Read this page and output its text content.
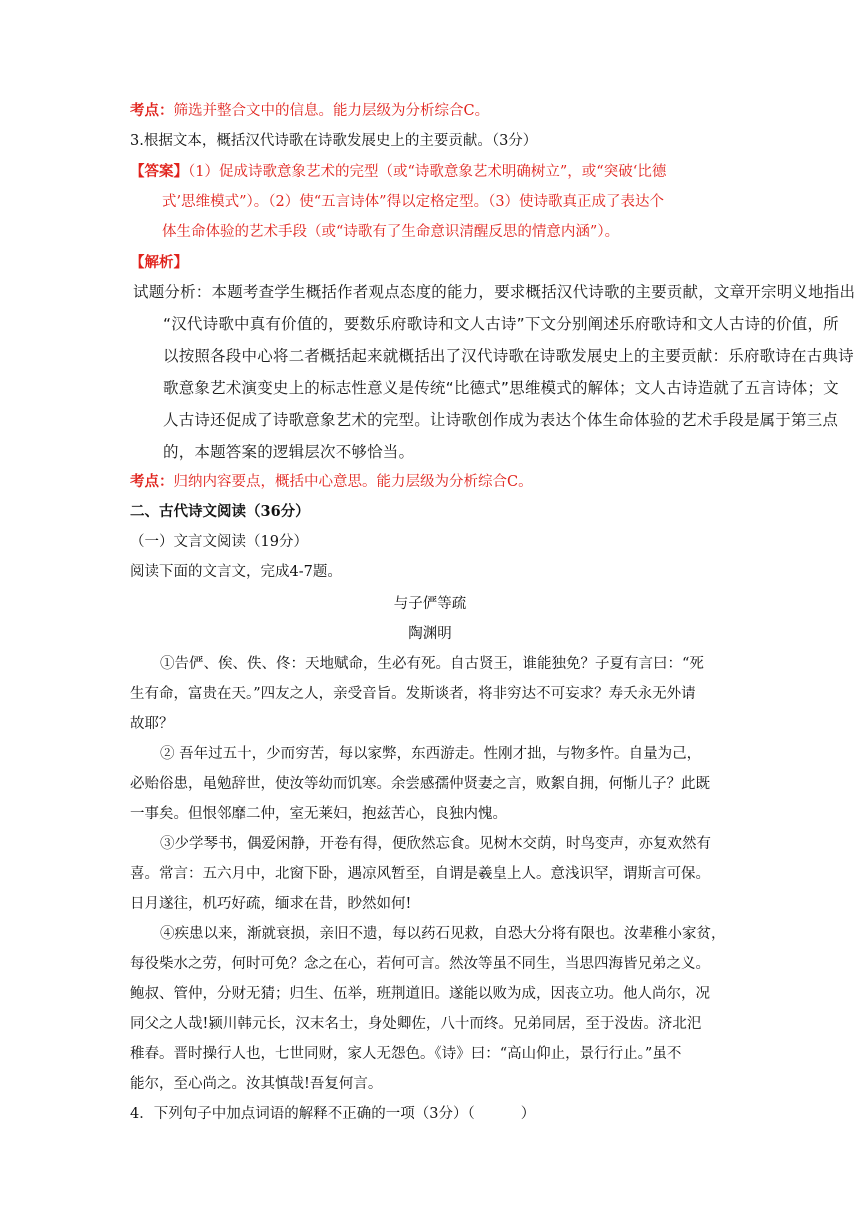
考点：筛选并整合文中的信息。能力层级为分析综合C。
3.根据文本，概括汉代诗歌在诗歌发展史上的主要贡献。（3分）
【答案】（1）促成诗歌意象艺术的完型（或“诗歌意象艺术明确树立”，或“突破‘比德
式’思维模式”）。（2）使“五言诗体”得以定格定型。（3）使诗歌真正成了表达个
体生命体验的艺术手段（或“诗歌有了生命意识清醒反思的情意内涵”）。
【解析】
试题分析：本题考查学生概括作者观点态度的能力，要求概括汉代诗歌的主要贡献，文章开宗明义地指出
“汉代诗歌中真有价值的，要数乐府歌诗和文人古诗”下文分别阐述乐府歌诗和文人古诗的价值，所
以按照各段中心将二者概括起来就概括出了汉代诗歌在诗歌发展史上的主要贡献：乐府歌诗在古典诗
歌意象艺术演变史上的标志性意义是传统“比德式”思维模式的解体；文人古诗造就了五言诗体；文
人古诗还促成了诗歌意象艺术的完型。让诗歌创作成为表达个体生命体验的艺术手段是属于第三点
的，本题答案的逻辑层次不够恰当。
考点：归纳内容要点，概括中心意思。能力层级为分析综合C。
二、古代诗文阅读（36分）
（一）文言文阅读（19分）
阅读下面的文言文，完成4-7题。
与子俨等疏
陶渊明
①告俨、俟、佚、佟：天地赋命，生必有死。自古贤王，谁能独免？子夏有言曰：“死
生有命，富贵在天。”四友之人，亲受音旨。发斯谈者，将非穷达不可妄求？寿夭永无外请
故耶？
② 吾年过五十，少而穷苦，每以家弊，东西游走。性刚才拙，与物多忤。自量为己，
必贻俗患，黾勉辞世，使汝等幼而饥寒。余尝感孺仲贤妻之言，败絮自拥，何惭儿子？此既
一事矣。但恨邻靡二仲，室无莱妇，抱兹苦心，良独内愧。
③少学琴书，偶爱闲静，开卷有得，便欣然忘食。见树木交荫，时鸟变声，亦复欢然有
喜。常言：五六月中，北窗下卧，遇凉风暂至，自谓是羲皇上人。意浅识罕，谓斯言可保。
日月遂往，机巧好疏，缅求在昔，眇然如何!
④疾患以来，渐就衰损，亲旧不遗，每以药石见救，自恐大分将有限也。汝辈稚小家贫，
每役柴水之劳，何时可免？念之在心，若何可言。然汝等虽不同生，当思四海皆兄弟之义。
鲍叔、管仲，分财无猜；归生、伍举，班荆道旧。遂能以败为成，因丧立功。他人尚尔，况
同父之人哉!颍川韩元长，汉末名士，身处卿佐，八十而终。兄弟同居，至于没齿。济北汜
稚春。晋时操行人也，七世同财，家人无怨色。《诗》曰：“高山仰止，景行行止。”虽不
能尔，至心尚之。汝其慎哉!吾复何言。
4．下列句子中加点词语的解释不正确的一项（3分）（	）
